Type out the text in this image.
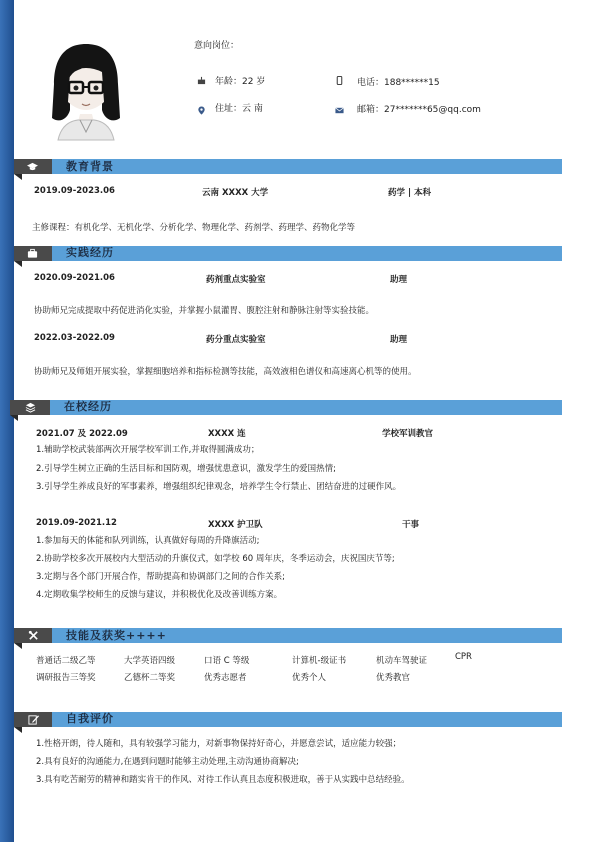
意向岗位：
年龄：22 岁	电话：188******15
住址：云 南	邮箱：27*******65@qq.com
教育背景
2019.09-2023.06	云南 XXXX 大学	药学 | 本科
主修课程：有机化学、无机化学、分析化学、物理化学、药剂学、药理学、药物化学等
实践经历
2020.09-2021.06	药剂重点实验室	助理
协助师兄完成提取中药促进消化实验，并掌握小鼠灌胃、腹腔注射和静脉注射等实验技能。
2022.03-2022.09	药分重点实验室	助理
协助师兄及师姐开展实验，掌握细胞培养和指标检测等技能，高效液相色谱仪和高速离心机等的使用。
在校经历
2021.07 及 2022.09	XXXX 连	学校军训教官
1.辅助学校武装部两次开展学校军训工作,并取得圆满成功；
2.引导学生树立正确的生活目标和国防观，增强忧患意识，激发学生的爱国热情;
3.引导学生养成良好的军事素养，增强组织纪律观念，培养学生令行禁止、团结奋进的过硬作风。
2019.09-2021.12	XXXX 护卫队	干事
1.参加每天的体能和队列训练，认真做好每周的升降旗活动;
2.协助学校多次开展校内大型活动的升旗仪式，如学校 60 周年庆，冬季运动会，庆祝国庆节等;
3.定期与各个部门开展合作，帮助提高和协调部门之间的合作关系;
4.定期收集学校师生的反馈与建议，并积极优化及改善训练方案。
技能及获奖++++
普通话二级乙等	大学英语四级	口语 C 等级	计算机-级证书	机动车驾驶证	CPR
调研报告三等奖	乙德杯二等奖	优秀志愿者	优秀个人	优秀教官
自我评价
1.性格开朗，待人随和，具有较强学习能力，对新事物保持好奇心，并愿意尝试，适应能力较强；
2.具有良好的沟通能力,在遇到问题时能够主动处理,主动沟通协商解决;
3.具有吃苦耐劳的精神和踏实肯干的作风、对待工作认真且态度积极进取，善于从实践中总结经验。
